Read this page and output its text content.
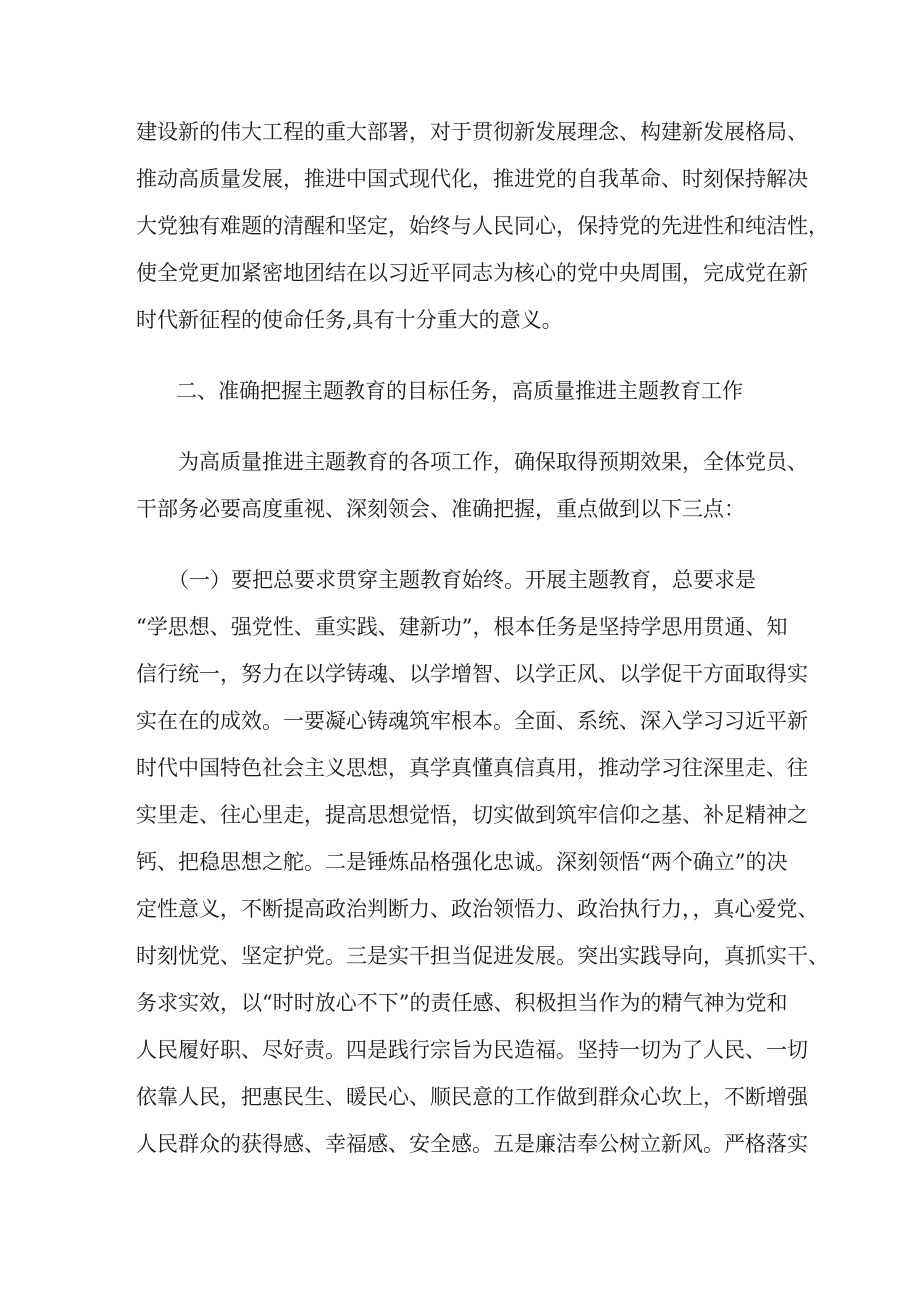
建设新的伟大工程的重大部署，对于贯彻新发展理念、构建新发展格局、
推动高质量发展，推进中国式现代化，推进党的自我革命、时刻保持解决
大党独有难题的清醒和坚定，始终与人民同心，保持党的先进性和纯洁性，
使全党更加紧密地团结在以习近平同志为核心的党中央周围，完成党在新
时代新征程的使命任务,具有十分重大的意义。
二、准确把握主题教育的目标任务，高质量推进主题教育工作
为高质量推进主题教育的各项工作，确保取得预期效果，全体党员、
干部务必要高度重视、深刻领会、准确把握，重点做到以下三点：
（一）要把总要求贯穿主题教育始终。开展主题教育，总要求是
“学思想、强党性、重实践、建新功”，根本任务是坚持学思用贯通、知
信行统一，努力在以学铸魂、以学增智、以学正风、以学促干方面取得实
实在在的成效。一要凝心铸魂筑牢根本。全面、系统、深入学习习近平新
时代中国特色社会主义思想，真学真懂真信真用，推动学习往深里走、往
实里走、往心里走，提高思想觉悟，切实做到筑牢信仰之基、补足精神之
钙、把稳思想之舵。二是锤炼品格强化忠诚。深刻领悟“两个确立”的决
定性意义，不断提高政治判断力、政治领悟力、政治执行力，，真心爱党、
时刻忧党、坚定护党。三是实干担当促进发展。突出实践导向，真抓实干、
务求实效，以“时时放心不下”的责任感、积极担当作为的精气神为党和
人民履好职、尽好责。四是践行宗旨为民造福。坚持一切为了人民、一切
依靠人民，把惠民生、暖民心、顺民意的工作做到群众心坎上，不断增强
人民群众的获得感、幸福感、安全感。五是廉洁奉公树立新风。严格落实
